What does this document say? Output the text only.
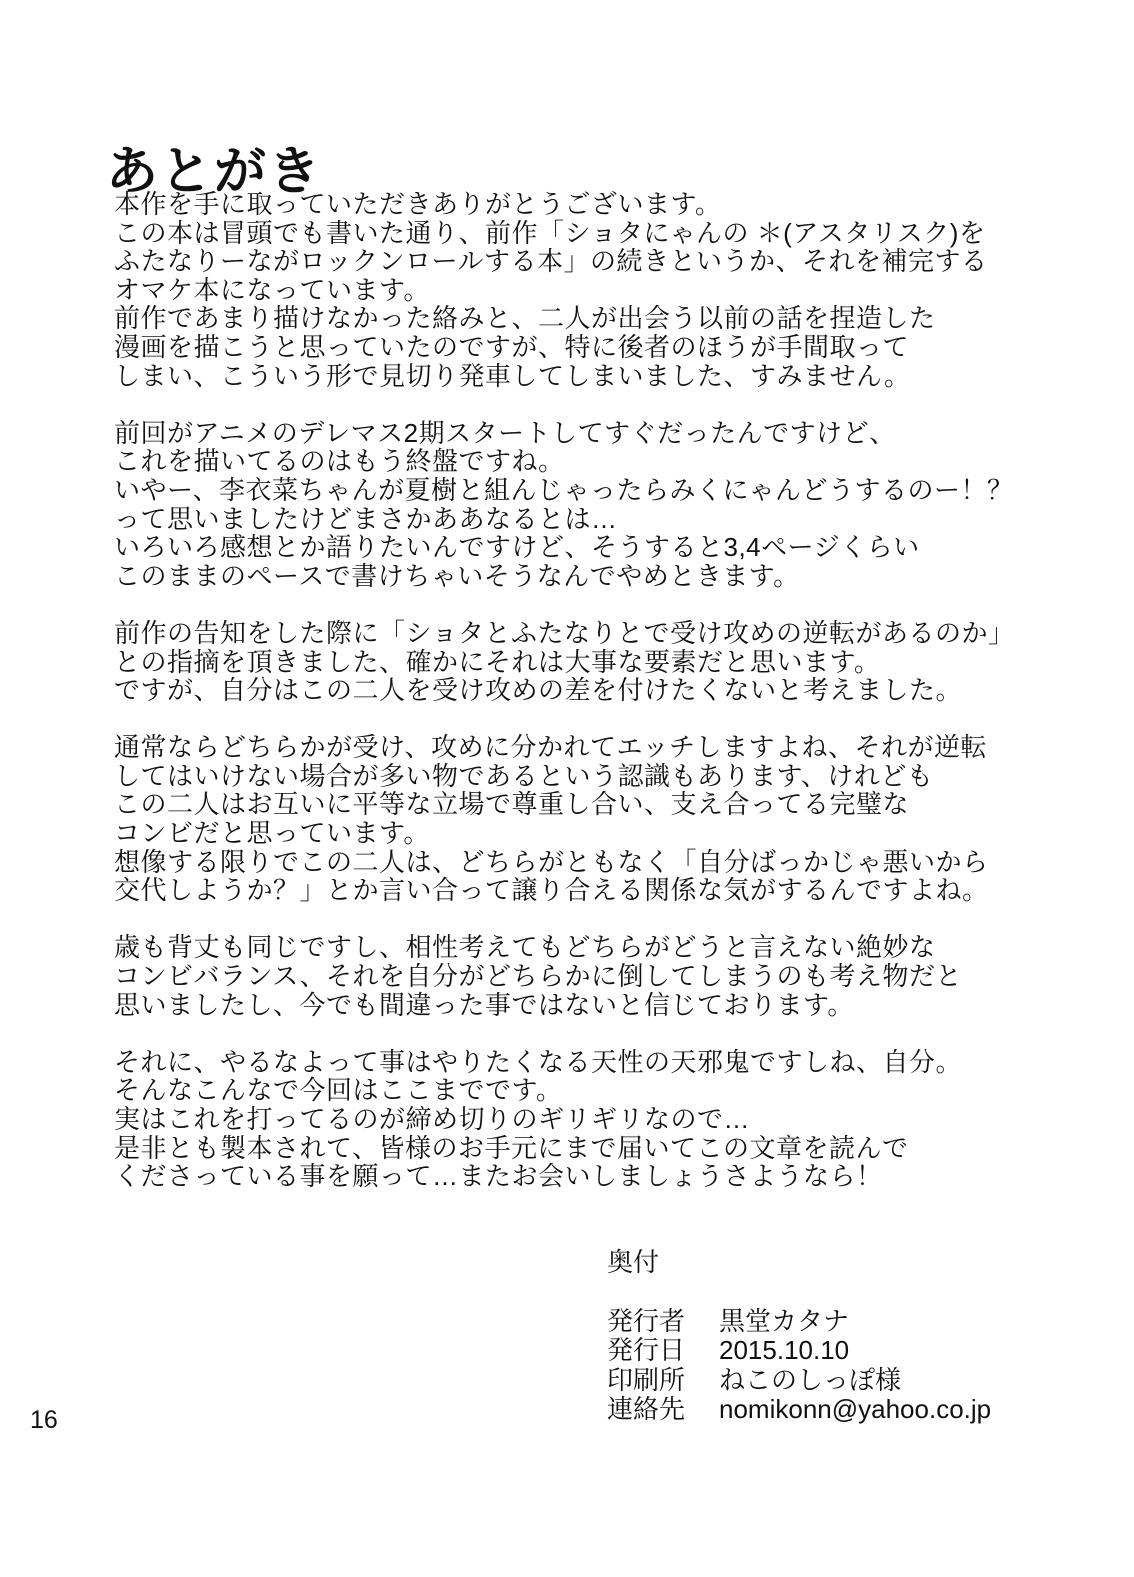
あとがき
本作を手に取っていただきありがとうございます。
この本は冒頭でも書いた通り、前作「ショタにゃんの ＊(アスタリスク)を
ふたなりーながロックンロールする本」の続きというか、それを補完する
オマケ本になっています。
前作であまり描けなかった絡みと、二人が出会う以前の話を捏造した
漫画を描こうと思っていたのですが、特に後者のほうが手間取って
しまい、こういう形で見切り発車してしまいました、すみません。
前回がアニメのデレマス2期スタートしてすぐだったんですけど、
これを描いてるのはもう終盤ですね。
いやー、李衣菜ちゃんが夏樹と組んじゃったらみくにゃんどうするのー！？
って思いましたけどまさかああなるとは…
いろいろ感想とか語りたいんですけど、そうすると3,4ページくらい
このままのペースで書けちゃいそうなんでやめときます。
前作の告知をした際に「ショタとふたなりとで受け攻めの逆転があるのか」
との指摘を頂きました、確かにそれは大事な要素だと思います。
ですが、自分はこの二人を受け攻めの差を付けたくないと考えました。
通常ならどちらかが受け、攻めに分かれてエッチしますよね、それが逆転
してはいけない場合が多い物であるという認識もあります、けれども
この二人はお互いに平等な立場で尊重し合い、支え合ってる完璧な
コンビだと思っています。
想像する限りでこの二人は、どちらがともなく「自分ばっかじゃ悪いから
交代しようか？」とか言い合って譲り合える関係な気がするんですよね。
歳も背丈も同じですし、相性考えてもどちらがどうと言えない絶妙な
コンビバランス、それを自分がどちらかに倒してしまうのも考え物だと
思いましたし、今でも間違った事ではないと信じております。
それに、やるなよって事はやりたくなる天性の天邪鬼ですしね、自分。
そんなこんなで今回はここまでです。
実はこれを打ってるのが締め切りのギリギリなので…
是非とも製本されて、皆様のお手元にまで届いてこの文章を読んで
くださっている事を願って…またお会いしましょうさようなら！
奥付
発行者	黒堂カタナ
発行日	2015.10.10
印刷所	ねこのしっぽ様
連絡先	nomikonn@yahoo.co.jp
16
